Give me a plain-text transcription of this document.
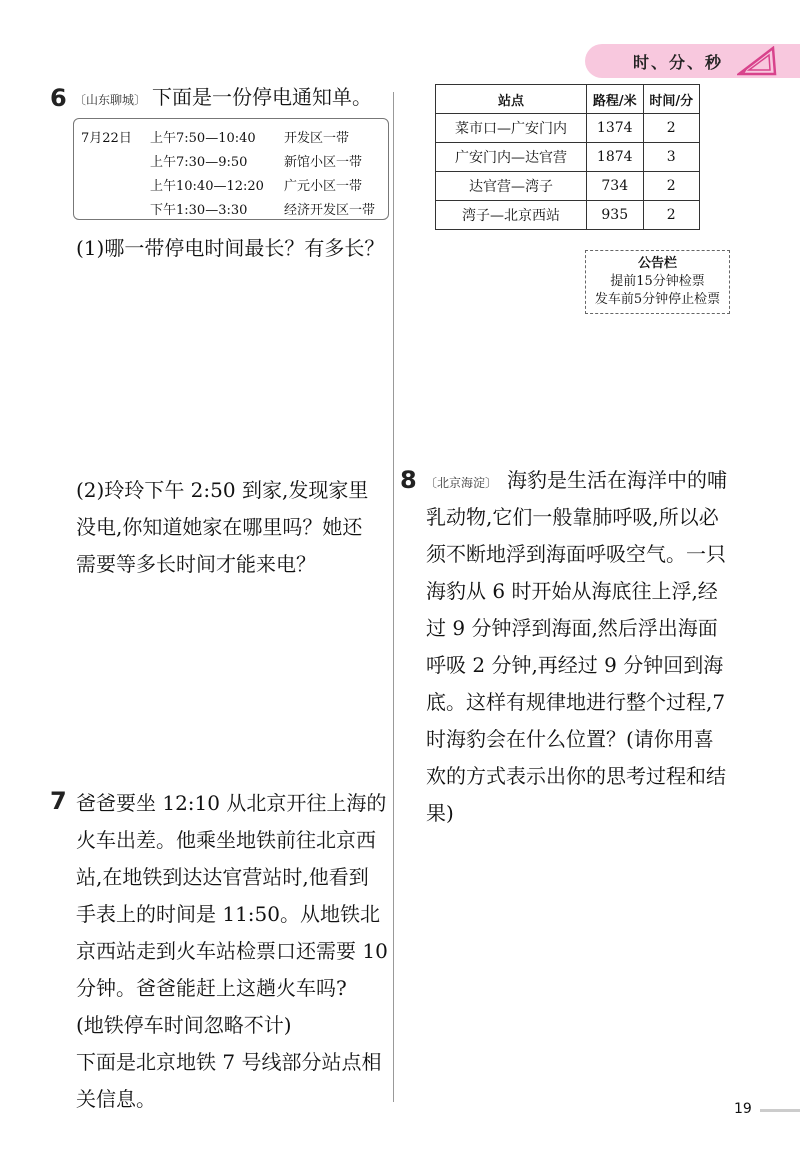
时、分、秒
6 〔山东聊城〕 下面是一份停电通知单。
7月22日 上午7:50—10:40 开发区一带
上午7:30—9:50	新馆小区一带
上午10:40—12:20 广元小区一带
下午1:30—3:30	经济开发区一带
(1)哪一带停电时间最长？有多长？
(2)玲玲下午 2:50 到家,发现家里
没电,你知道她家在哪里吗？她还
需要等多长时间才能来电？
7 爸爸要坐 12:10 从北京开往上海的
火车出差。他乘坐地铁前往北京西
站,在地铁到达达官营站时,他看到
手表上的时间是 11:50。从地铁北
京西站走到火车站检票口还需要 10
分钟。爸爸能赶上这趟火车吗?
(地铁停车时间忽略不计)
下面是北京地铁 7 号线部分站点相
关信息。
站点	路程/米	时间/分
菜市口—广安门内	1374	2
广安门内—达官营	1874	3
达官营—湾子	734	2
湾子—北京西站	935	2
公告栏
提前15分钟检票
发车前5分钟停止检票
8 〔北京海淀〕 海豹是生活在海洋中的哺
乳动物,它们一般靠肺呼吸,所以必
须不断地浮到海面呼吸空气。一只
海豹从 6 时开始从海底往上浮,经
过 9 分钟浮到海面,然后浮出海面
呼吸 2 分钟,再经过 9 分钟回到海
底。这样有规律地进行整个过程,7
时海豹会在什么位置？(请你用喜
欢的方式表示出你的思考过程和结
果)
19
